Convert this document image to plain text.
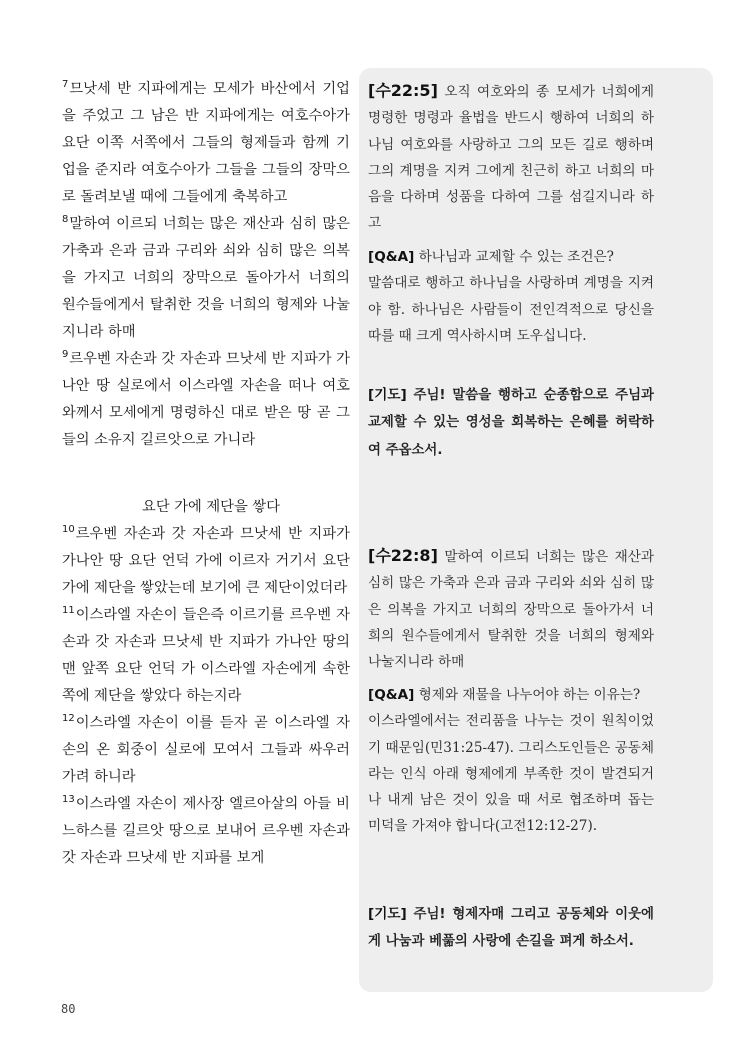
$^7$므낫세 반 지파에게는 모세가 바산에서 기업을 주었고 그 남은 반 지파에게는 여호수아가 요단 이쪽 서쪽에서 그들의 형제들과 함께 기업을 준지라 여호수아가 그들을 그들의 장막으로 돌려보낼 때에 그들에게 축복하고

$^8$말하여 이르되 너희는 많은 재산과 심히 많은 가축과 은과 금과 구리와 쇠와 심히 많은 의복을 가지고 너희의 장막으로 돌아가서 너희의 원수들에게서 탈취한 것을 너희의 형제와 나눌지니라 하매

$^9$르우벤 자손과 갓 자손과 므낫세 반 지파가 가나안 땅 실로에서 이스라엘 자손을 떠나 여호와께서 모세에게 명령하신 대로 받은 땅 곧 그들의 소유지 길르앗으로 가니라

요단 가에 제단을 쌓다

$^{10}$르우벤 자손과 갓 자손과 므낫세 반 지파가 가나안 땅 요단 언덕 가에 이르자 거기서 요단 가에 제단을 쌓았는데 보기에 큰 제단이었더라

$^{11}$이스라엘 자손이 들은즉 이르기를 르우벤 자손과 갓 자손과 므낫세 반 지파가 가나안 땅의 맨 앞쪽 요단 언덕 가 이스라엘 자손에게 속한 쪽에 제단을 쌓았다 하는지라

$^{12}$이스라엘 자손이 이를 듣자 곧 이스라엘 자손의 온 회중이 실로에 모여서 그들과 싸우러 가려 하니라

$^{13}$이스라엘 자손이 제사장 엘르아살의 아들 비느하스를 길르앗 땅으로 보내어 르우벤 자손과 갓 자손과 므낫세 반 지파를 보게

[수22:5] 오직 여호와의 종 모세가 너희에게 명령한 명령과 율법을 반드시 행하여 너희의 하나님 여호와를 사랑하고 그의 모든 길로 행하며 그의 계명을 지켜 그에게 친근히 하고 너희의 마음을 다하며 성품을 다하여 그를 섬길지니라 하고
[Q&A] 하나님과 교제할 수 있는 조건은?
말씀대로 행하고 하나님을 사랑하며 계명을 지켜야 함. 하나님은 사람들이 전인격적으로 당신을 따를 때 크게 역사하시며 도우십니다.
[기도] 주님! 말씀을 행하고 순종함으로 주님과 교제할 수 있는 영성을 회복하는 은혜를 허락하여 주옵소서.
[수22:8] 말하여 이르되 너희는 많은 재산과 심히 많은 가축과 은과 금과 구리와 쇠와 심히 많은 의복을 가지고 너희의 장막으로 돌아가서 너희의 원수들에게서 탈취한 것을 너희의 형제와 나눌지니라 하매
[Q&A] 형제와 재물을 나누어야 하는 이유는?
이스라엘에서는 전리품을 나누는 것이 원칙이었기 때문임(민31:25-47). 그리스도인들은 공동체라는 인식 아래 형제에게 부족한 것이 발견되거나 내게 남은 것이 있을 때 서로 협조하며 돕는 미덕을 가져야 합니다(고전12:12-27).
[기도] 주님! 형제자매 그리고 공동체와 이웃에게 나눔과 베풂의 사랑에 손길을 펴게 하소서.
80
